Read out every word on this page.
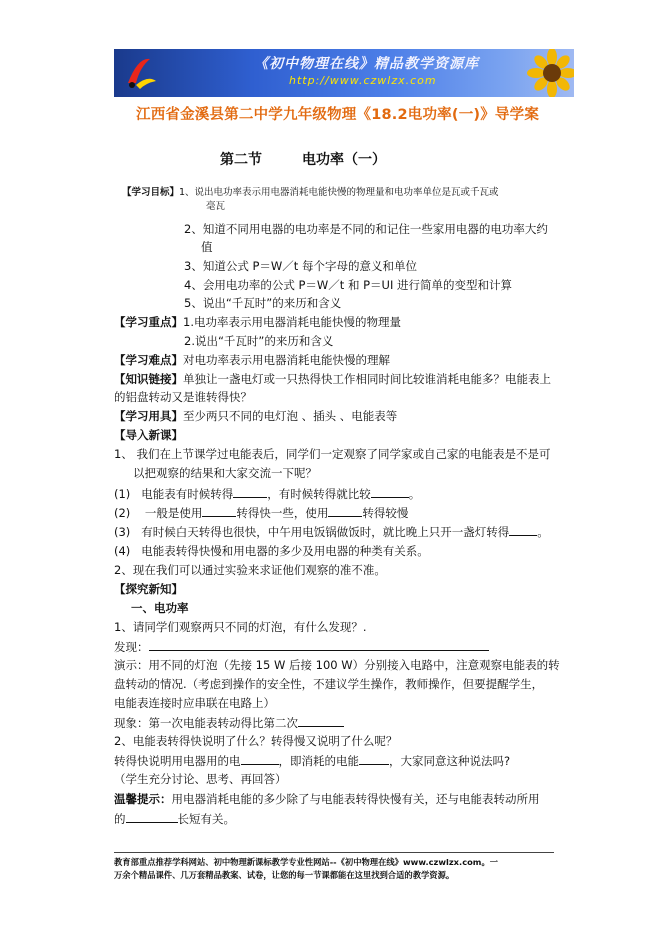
《初中物理在线》精品教学资源库
http://www.czwlzx.com
江西省金溪县第二中学九年级物理《18.2电功率(一)》导学案
第二节	电功率（一）
【学习目标】1、说出电功率表示用电器消耗电能快慢的物理量和电功率单位是瓦或千瓦或
毫瓦
2、知道不同用电器的电功率是不同的和记住一些家用电器的电功率大约
值
3、知道公式 P＝W／t 每个字母的意义和单位
4、会用电功率的公式 P＝W／t 和 P＝UI 进行简单的变型和计算
5、说出“千瓦时”的来历和含义
【学习重点】1.电功率表示用电器消耗电能快慢的物理量
2.说出“千瓦时”的来历和含义
【学习难点】对电功率表示用电器消耗电能快慢的理解
【知识链接】单独让一盏电灯或一只热得快工作相同时间比较谁消耗电能多？电能表上
的铝盘转动又是谁转得快？
【学习用具】至少两只不同的电灯泡 、插头 、电能表等
【导入新课】
1、 我们在上节课学过电能表后，同学们一定观察了同学家或自己家的电能表是不是可
以把观察的结果和大家交流一下呢？
(1) 电能表有时候转得	，有时候转得就比较	。
(2) 一般是使用	转得快一些，使用	转得较慢
(3) 有时候白天转得也很快，中午用电饭锅做饭时，就比晚上只开一盏灯转得 。
(4) 电能表转得快慢和用电器的多少及用电器的种类有关系。
2、现在我们可以通过实验来求证他们观察的准不准。
【探究新知】
一、电功率
1、请同学们观察两只不同的灯泡，有什么发现？.
发现：
演示：用不同的灯泡（先接 15 W 后接 100 W）分别接入电路中，注意观察电能表的转
盘转动的情况.（考虑到操作的安全性，不建议学生操作，教师操作，但要提醒学生，
电能表连接时应串联在电路上）
现象：第一次电能表转动得比第二次
2、电能表转得快说明了什么？转得慢又说明了什么呢？
转得快说明用电器用的电	，即消耗的电能	，大家同意这种说法吗?
（学生充分讨论、思考、再回答）
温馨提示：用电器消耗电能的多少除了与电能表转得快慢有关，还与电能表转动所用
的	长短有关。
教育部重点推荐学科网站、初中物理新课标教学专业性网站--《初中物理在线》www.czwlzx.com。一
万余个精品课件、几万套精品教案、试卷，让您的每一节课都能在这里找到合适的教学资源。
